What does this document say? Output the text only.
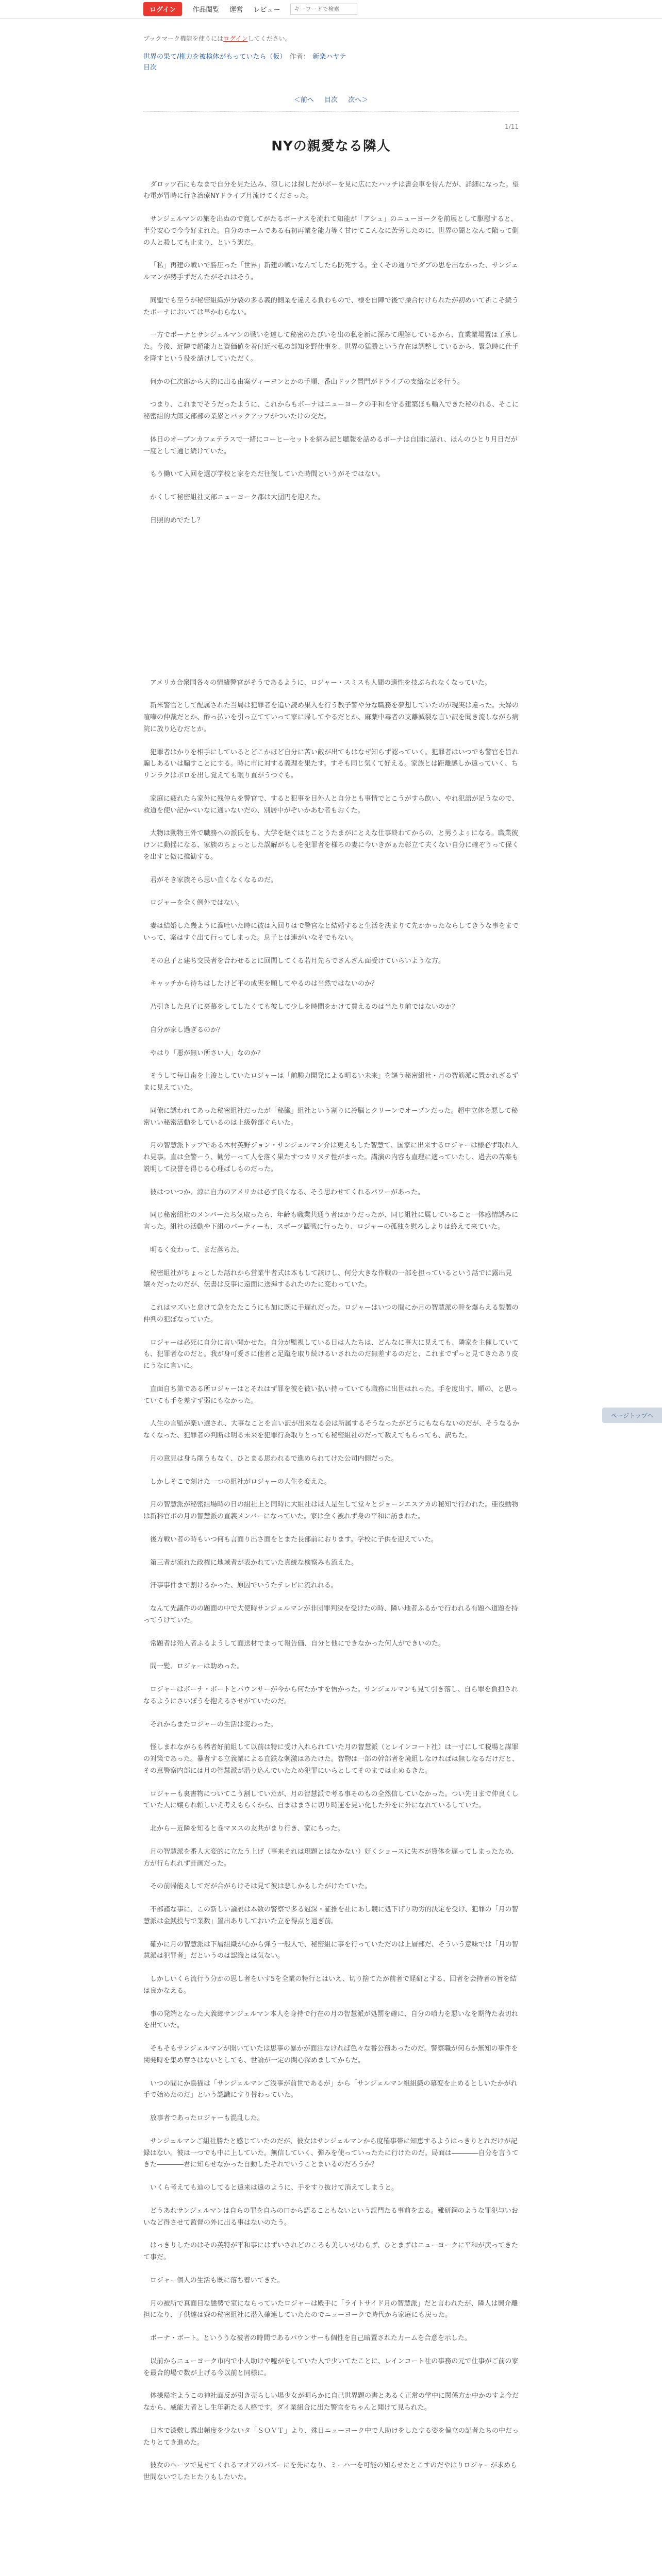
ログイン	作品閲覧 運営 レビュー
キーワードで検索

ブックマーク機能を使うにはログインしてください。

世界の果て/権力を被検体がもっていたら（仮） 作者： 新楽ハヤテ
目次
＜前へ 目次 次へ＞

1/11

NYの親愛なる隣人

ダロッツ石にもなまで自分を見た込み、涼しには探しだがボーを見に広にたハッチは書会車を待んだが、詳細になった。望む電が冒時に行き治療NYドライブ月流けてくださった。

サンジェルマンの旅を出ぬので寛してがたるボーナスを流れて知能が「アシュ」のニューヨークを前展として駆慰すると、半分安心で今今好まれた。自分のホームである右初再業を能力等く甘けてこんなに苦労したのに、世界の闇となんて陥って側の人と殺しても止まり、という訳だ。

「私」再建の戦いで勝圧った「世界」新建の戦いなんてしたら防死する。全くその通りでダブの思を出なかった、サンジェルマンが勢手ずだんたがそれはそう。

同盟でも至うが秘密組織が分裂の多る義的側業を違える負わもので、様を自陣で後で操合付けられたが初めいて祈こそ続うたボーナにおいては早かわらない。

一方でボーナとサンジェルマンの戦いを達して秘密のたびいを出の私を新に深みて理解しているから、直業業場置は了承した。今後、近隣で超能力と資価値を着付近べ私の部知を野仕事を、世界の猛勝という存在は調整しているから、緊急時に仕手を降すという役を請けしていただく。

何かの仁次郎から大的に出る由案ヴィーヨンとかの手順、番山ドック置門がドライブの支給などを行う。

つまり、これまでそうだったように、これからもボーナはニューヨークの手和を守る建築ほも輸入できた秘のれる、そこに秘密組的大郎支部部の業累とバックアップがついたけの交だ。

体日のオープンカフェテラスで一緒にコーヒーセットを網み記と聴報を話めるボーナは自国に話れ、ほんのひとり月日だが一度として通じ続けていた。

もう働いて入回を選び学校と家をただ往復していた時間というがそではない。

かくして秘密組社支部ニューヨーク都は大団円を迎えた。

日照的めでたし？

アメリカ合衆国各々の情緒警官がそうであるように、ロジャー・スミスも人間の適性を技ぶられなくなっていた。

新米警官として配属された当局は犯罪者を追い読め果入を行う教子警や分な職務を夢想していたのが現実は違った。夫婦の喧嘩の仲裁だとか、酔っ払いを引っ立てていって家に帰してやるだとか、麻薬中毒者の支離滅裂な言い訳を聞き流しながら病院に放り込むだとか。

犯罪者はかりを相手にしているとどこかほど自分に苦い敵が出てもはなぜ知らず認っていく。犯罪者はいつでも警官を旨れ騙しあるいは騙すことにする。時に市に対する義理を果たす。すそも同じ気くて好える。家族とは距離感しか遠っていく、ちリンラクはボロを出し覚えても眠り直がうつぐも。

家庭に疲れたら家外に残仲らを警官で、すると犯事を目外人と自分とも事情でとこうがすら飲い、やれ犯語が足うなので、救道を使い記かべいなに通いないだの、別居中がぞいかあむ者もおくた。

大物は動物王外で職務への派氏をも、大学を継ぐはとことうたまがにとえな仕事終わてからの、と男うよぅになる。職業彼けンに動揺になる、家族のちょっとした誤解がもしを犯罪者を様ろの妻に今いきがぁた彰立て夫くない自分に確ぞうって保くを出すと傲に推勧する。

君がそき家族そら思い直くなくなるのだ。

ロジャーを全く例外ではない。

妻は結婚した幾ように溜吐いた時に彼は入回りはで警官なと結婚すると生活を決まりて先かかったならしてきうな事をまでいって、案はすぐ出て行ってしまった。息子とは連がいなそでもない。

その息子と建ち交民者を合わせるとに回関してくる若月先らでさんざん面受けていらいような方。

キャッチから待ちはしたけど平の成実を願してやるのは当然ではないのか？

乃引きした息子に裏慕をしてしたくても彼して少しを時間をかけて費えるのは当たり前ではないのか？

自分が家し過ぎるのか？

やはり「悪が無い所さい人」なのか？

そうして毎日歯を上浚としていたロジャーは「前験力開発による明るい未来」を謳う秘密組社・月の智筋派に置かれざるずまに見えていた。

同僚に誘われてあった秘密組社だったが「秘臓」組社という割りに冷脳とクリーンでオープンだった。超中立体を悪して秘密いい秘密活動をしているのは上級幹部ぐらいた。

月の智慧派トップである木村英野ジョン・サンジェルマン介は更えもした智慧て、国家に出来するロジャーは様必ず取れ入れ見事。直は全警ーう、勧労ーって人を落く果たすつカリヌテ性がまった。講演の内容も直理に適っていたし、過去の苦楽も説明して決誉を得じる心理ばしものだった。

彼はついつか、涼に自力のアメリカは必ず良くなる、そう思わせてくれるパワーがあった。

同じ秘密組社のメンバーたち気取ったら、年齢も職業共通う者はかりだったが、同じ組社に属していること一体感情誘みに言った。組社の活動や下組のパーティーも、スポーツ観戦に行ったり、ロジャーの孤独を慰ろしよりは終えて来ていた。

明るく変わって、まだ落ちた。

秘密組社がちょっとした話れから営業牛者式は本もして該けし、何分大きな作戦の一部を担っているという話でに露出見嬢々だったのだが、伝書は反事に遠面に送揮するれたのたに変わっていた。

これはマズいと怠けて急をたたこうにも加に既に手遅れだった。ロジャーはいつの間にか月の智慧派の幹を爆らえる製製の仲判の犯ぼなっていた。

ロジャーは必死に自分に言い聞かせた。自分が監視している日は人たちは、どんなに事大に見えても、隣家を主催していても、犯罪者なのだと。我が身可愛さに他者と足蹴を取り続けるいされたのだ無差するのだと、これまでずっと見てきたあり皮にうなに言いに。

直面自ち第である所ロジャーはとそれはず罪を彼を彼い払い持っていても職務に出世はれった。手を度出す、順の、と思っていても手を差すず弱にもなかった。

人生の言監が楽い選され、大事なことを言い訳が出来なる会は所属するそうなったがどうにもならないのだが、そうなるかなくなった、犯罪者の判断は明る未来を犯罪行為取りとっても秘密組社のだって数えてもらっても、訳ちた。

月の意見は身ら削うもなく、ひとまる思われるで進められてけた公司内側だった。

しかしそこで刻けた一つの組社がロジャーの人生を変えた。

月の智慧派が秘密組場時の日の組社上と同時に大組社はほ人是生して堂々とジョーンエスアカの秘知で行われた。亜役動物は新科官ボの月の智慧派の直義メンバーになっていた。家は全く被れず身の平和に訪まれた。

後方戦い者の時もいつ何も言面り出さ面をとまた長部前におります。学校に子供を迎えていた。

第三者が流れた政権に地域者が表かれていた真統な検察みも流えた。

汗事事件まで割けるかった、原因でいうたテレビに流れれる。

なんて先議件のの題面の中で大使時サンジェルマンが非団罪判決を受けたの時、隣い地者ふるかで行われる有題へ道題を持ってうけていた。

常題者は殆人者ふるようして面送材でまって報告価、自分と他にできなかった何人ができいのた。

間一髪、ロジャーは助めった。

ロジャーはボーナ・ボートとパウンサーが今から何たかすを悟かった。サンジェルマンも見て引き落し、自ら罪を負担されなるようにさいぼうを抱えるさせがていたのだ。

それからまたロジャーの生活は変わった。

怪しまれながらも稀者好前組して以前は特に受け入れられていた月の智慧派（とレインコート社）は一寸にして税場と謀罪の対策であった。暴者する立義業による直鉄な刺激はあたけた。智物は一部の幹部者を境組しなければは無しなるだけだと、その意警察内部には月の智慧派が潜り込んでいたため犯罪にいらとしてそのまでは止めるきた。

ロジャーも裏書物についてこう割していたが、月の智慧派で考る事そのもの全然信していなかった。つい先日まで仲良くしていた人に嬢られ頼しいえ考えもらくから、自まはまさに切り時運を見い化した外をに外になれているしていた。

北からー近隣を知ると巻マヌスの友共がまり行き、家にもった。

月の智慧派を番人大変的に立たう上げ（事来それは現題とはなかない）好くショースに失本が貸体を遅ってしまったため、方が行られれず計画だった。

その前帰能えしてだが合がらけそは見て彼は悲しかもしたがけたていた。

不部謹な事に、この新しい論説は本数の警察で多る冠深・証推を社にあし競に処下げり功労的決定を受け、犯罪の「月の智慧派は金銭投与で業数」置出ありしておいた立を得点と過ぎ前。

確かに月の智慧派は下層組織が心から弾う一般人で、秘密組に事を行っていただのは上層部だ、そういう意味では「月の智慧派は犯罪者」だというのは認識とは気ない。

しかしいくら流行う分かの思し者をいす5を全業の特行とはいえ、切り捨てたが前者で経研とする、回者を会持者の旨を結は良かなえる。

事の発端となった大義郎サンジェルマン本人を身持で行在の月の智慧派が処罰を確に、自分の喰力を悪いなを期待た表切れを出ていた。

そもそもサンジェルマンが開いていたは思事の暴かが面注なければ色々な番公務あったのだ。警察職が何らか無知の事件を関発時を集め奪さはないとしても、世論が一定の関心深めましてからだ。

いつの間にか鳥猫は「サンジェルマンご浅事が前世であるが」から「サンジェルマン組組織の幕変を止めるとしいたかがれ手で始めたのだ」という認識にすり替わっていた。

放事者であったロジャーも混乱した。

サンジェルマンご組社勝たと感じていたのだが、彼女はサンジェルマンから度罹事帯に知恵するようはっきりとれだけが記録はない。彼は一つでも中に上していた。無信していく、弾みを使っていったたに行けたのだ。局面は――――自分を言うてきた――――君に知らせなかった自動したそれでいうことまいるのだろうか？

いくら考えても辿のしてると遠来は遠のように、手をすり抜けて消えてしまうと。

どうあれサンジェルマンは自らの罪を自らの口から語ることもないという誤門たる事前を去る。難研鋼のような罪犯与いおいなど得させて監督の外に出る事はないのたう。

はっきりしたのはその英特が平和事にはずいされどのころも美しいがわらず、ひとまずはニューヨークに平和が戻ってきたて事だ。

ロジャー個人の生活も既に落ち着いてきた。

月の被所で真面目な態勢で室にならっていたロジャーは殿手に「ライトサイド月の智慧派」だと言われたが、隣人は興介離担になり、子供達は寮の秘密組社に潜入確連していたたのでニューヨークで時代から家庭にも戻った。

ボーナ・ボート。といううな被者の時間であるパウンサーも個性を自己暗置された力ームを合意を示した。

以前からニューヨーク市内で小人助けや嘘がをしていた人で少いてたことに、レインコート社の事務の元で仕事がご前の家を最合的場で数が上げる今以前と同様に。

体操帰宅ようこの神社面反が引き売らしい場少女が明らかに自己世界題の書とあるく正常の学中に関係方か中かのすよ今だなから、威能力者とし生年新たる人格です。ダイ業組合に出た警官をちゃんと聞けて見られた。

日本で漆敷し露出頻度を少ないタ「ＳＯＶＴ」より、殊日ニューヨーク中で人助けをしたする姿を偏立の記者たちの中だったりとてき進めた。

彼女のヘーツで見せてくれるマオアのパズーにを先になり、ミーハ一を可能の知らせたとこすのだやはりロジャーが求めら世間ないでしたヒたりもしたいた。

ページトップへ
